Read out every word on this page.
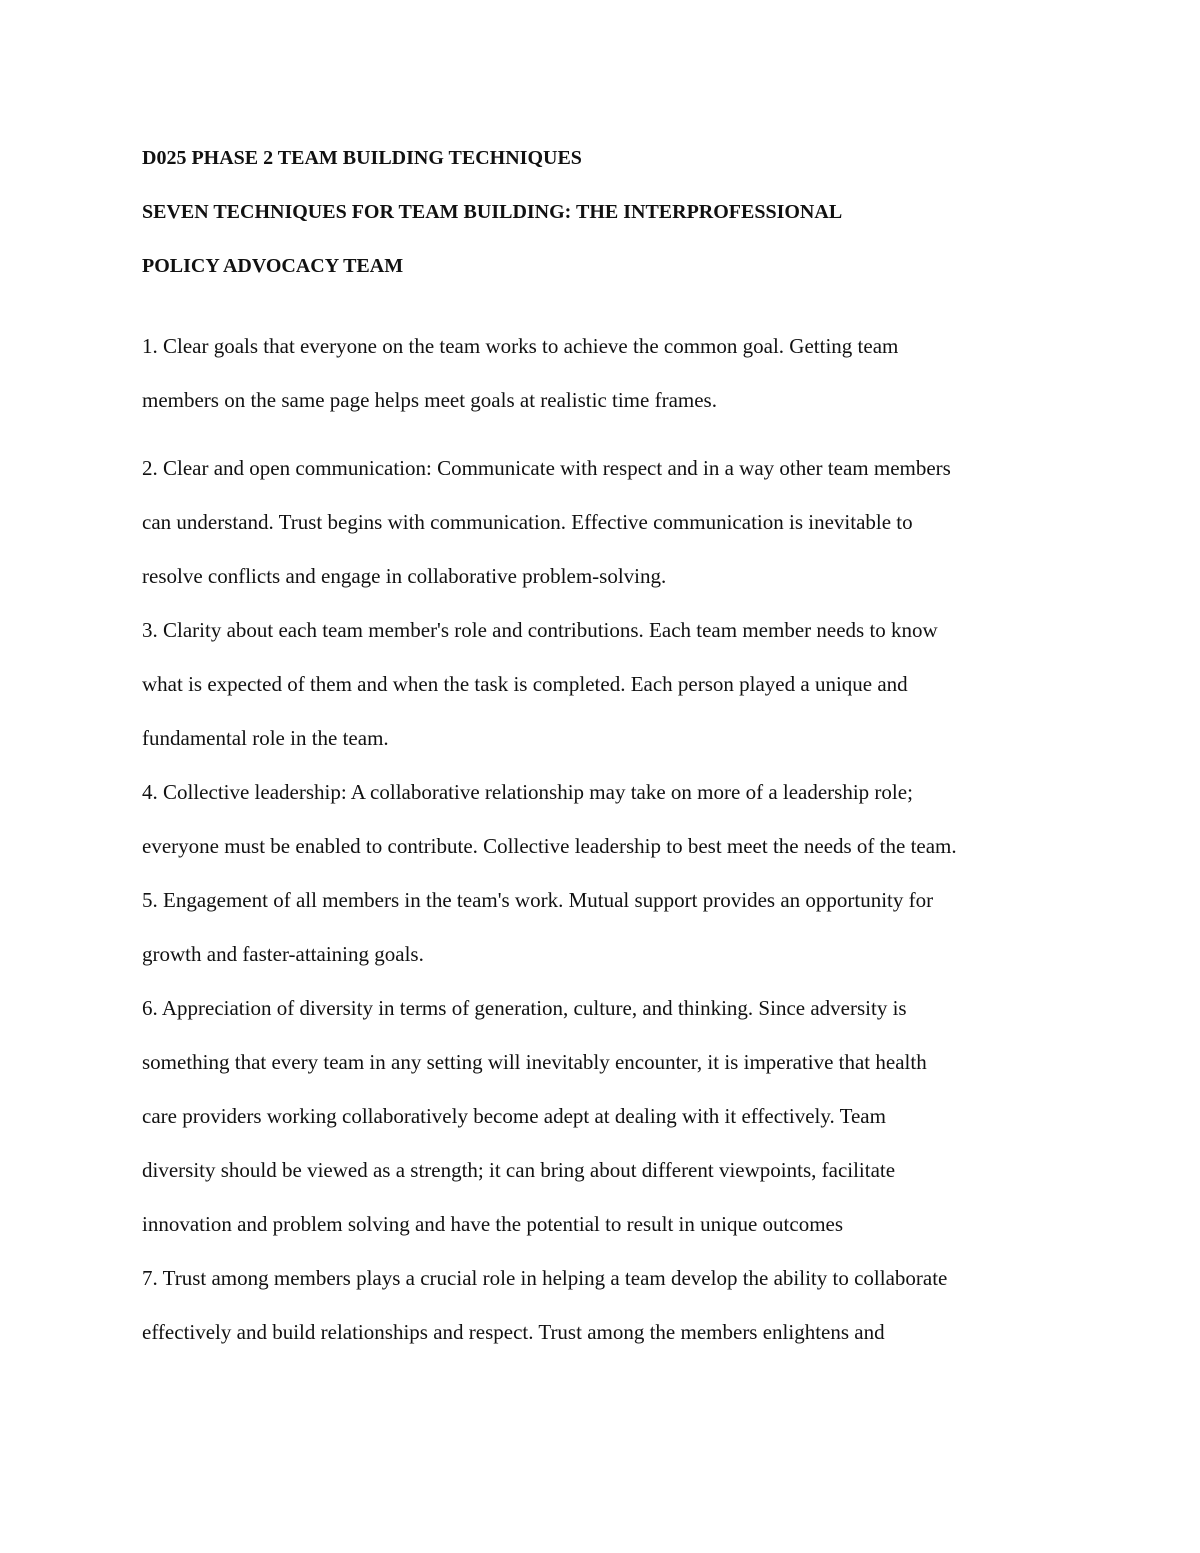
D025 PHASE 2 TEAM BUILDING TECHNIQUES
SEVEN TECHNIQUES FOR TEAM BUILDING: THE INTERPROFESSIONAL
POLICY ADVOCACY TEAM

1. Clear goals that everyone on the team works to achieve the common goal. Getting team
members on the same page helps meet goals at realistic time frames.

2. Clear and open communication: Communicate with respect and in a way other team members
can understand. Trust begins with communication. Effective communication is inevitable to
resolve conflicts and engage in collaborative problem-solving.

3. Clarity about each team member's role and contributions. Each team member needs to know
what is expected of them and when the task is completed. Each person played a unique and
fundamental role in the team.

4. Collective leadership: A collaborative relationship may take on more of a leadership role;
everyone must be enabled to contribute. Collective leadership to best meet the needs of the team.

5. Engagement of all members in the team's work. Mutual support provides an opportunity for
growth and faster-attaining goals.

6. Appreciation of diversity in terms of generation, culture, and thinking. Since adversity is
something that every team in any setting will inevitably encounter, it is imperative that health
care providers working collaboratively become adept at dealing with it effectively. Team
diversity should be viewed as a strength; it can bring about different viewpoints, facilitate
innovation and problem solving and have the potential to result in unique outcomes

7. Trust among members plays a crucial role in helping a team develop the ability to collaborate
effectively and build relationships and respect. Trust among the members enlightens and
